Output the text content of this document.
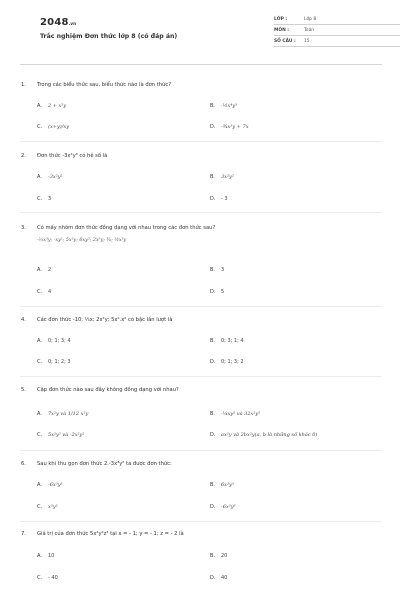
2048.vn
Trắc nghiệm Đơn thức lớp 8 (có đáp án)
LỚP :	Lớp 8
MÔN :	Toán
SỐ CÂU :	15
1.	Trong các biểu thức sau, biểu thức nào là đơn thức?
A.	2 + x²y	B.	-½x⁴y³
C.	(x+y)/xy	D.	-¾x³y + 7x
2.	Đơn thức -3x²y³ có hệ số là
A.	-3x²y²	B.	3x²y²
C.	3	D.	- 3
3.	Có mấy nhóm đơn thức đồng dạng với nhau trong các đơn thức sau?
-⅔x³y; -xy²; 5x²y; 6xy²; 2x³y; ¾; ½x²y
A.	2	B.	3
C.	4	D.	5
4.	Các đơn thức -10; ⅓x; 2x²y; 5x².x² có bậc lần lượt là
A.	0; 1; 3; 4	B.	0; 3; 1; 4
C.	0; 1; 2; 3	D.	0; 1; 3; 2
5.	Cặp đơn thức nào sau đây không đồng dạng với nhau?
A.	7x²y và 1/12 x²y	B.	-¼xy² và 32x²y²
C.	5x²y² và -2x²y²	D.	ax²y và 2bx²y(a, b là những số khác 0)
6.	Sau khi thu gọn đơn thức 2.-3x³y² ta được đơn thức:
A.	-6x³y³	B.	6x³y³
C.	x³y²	D.	-6x³y³
7.	Giá trị của đơn thức 5x⁴y²z³ tại x = - 1; y = - 1; z = - 2 là
A.	10	B.	20
C.	- 40	D.	40
